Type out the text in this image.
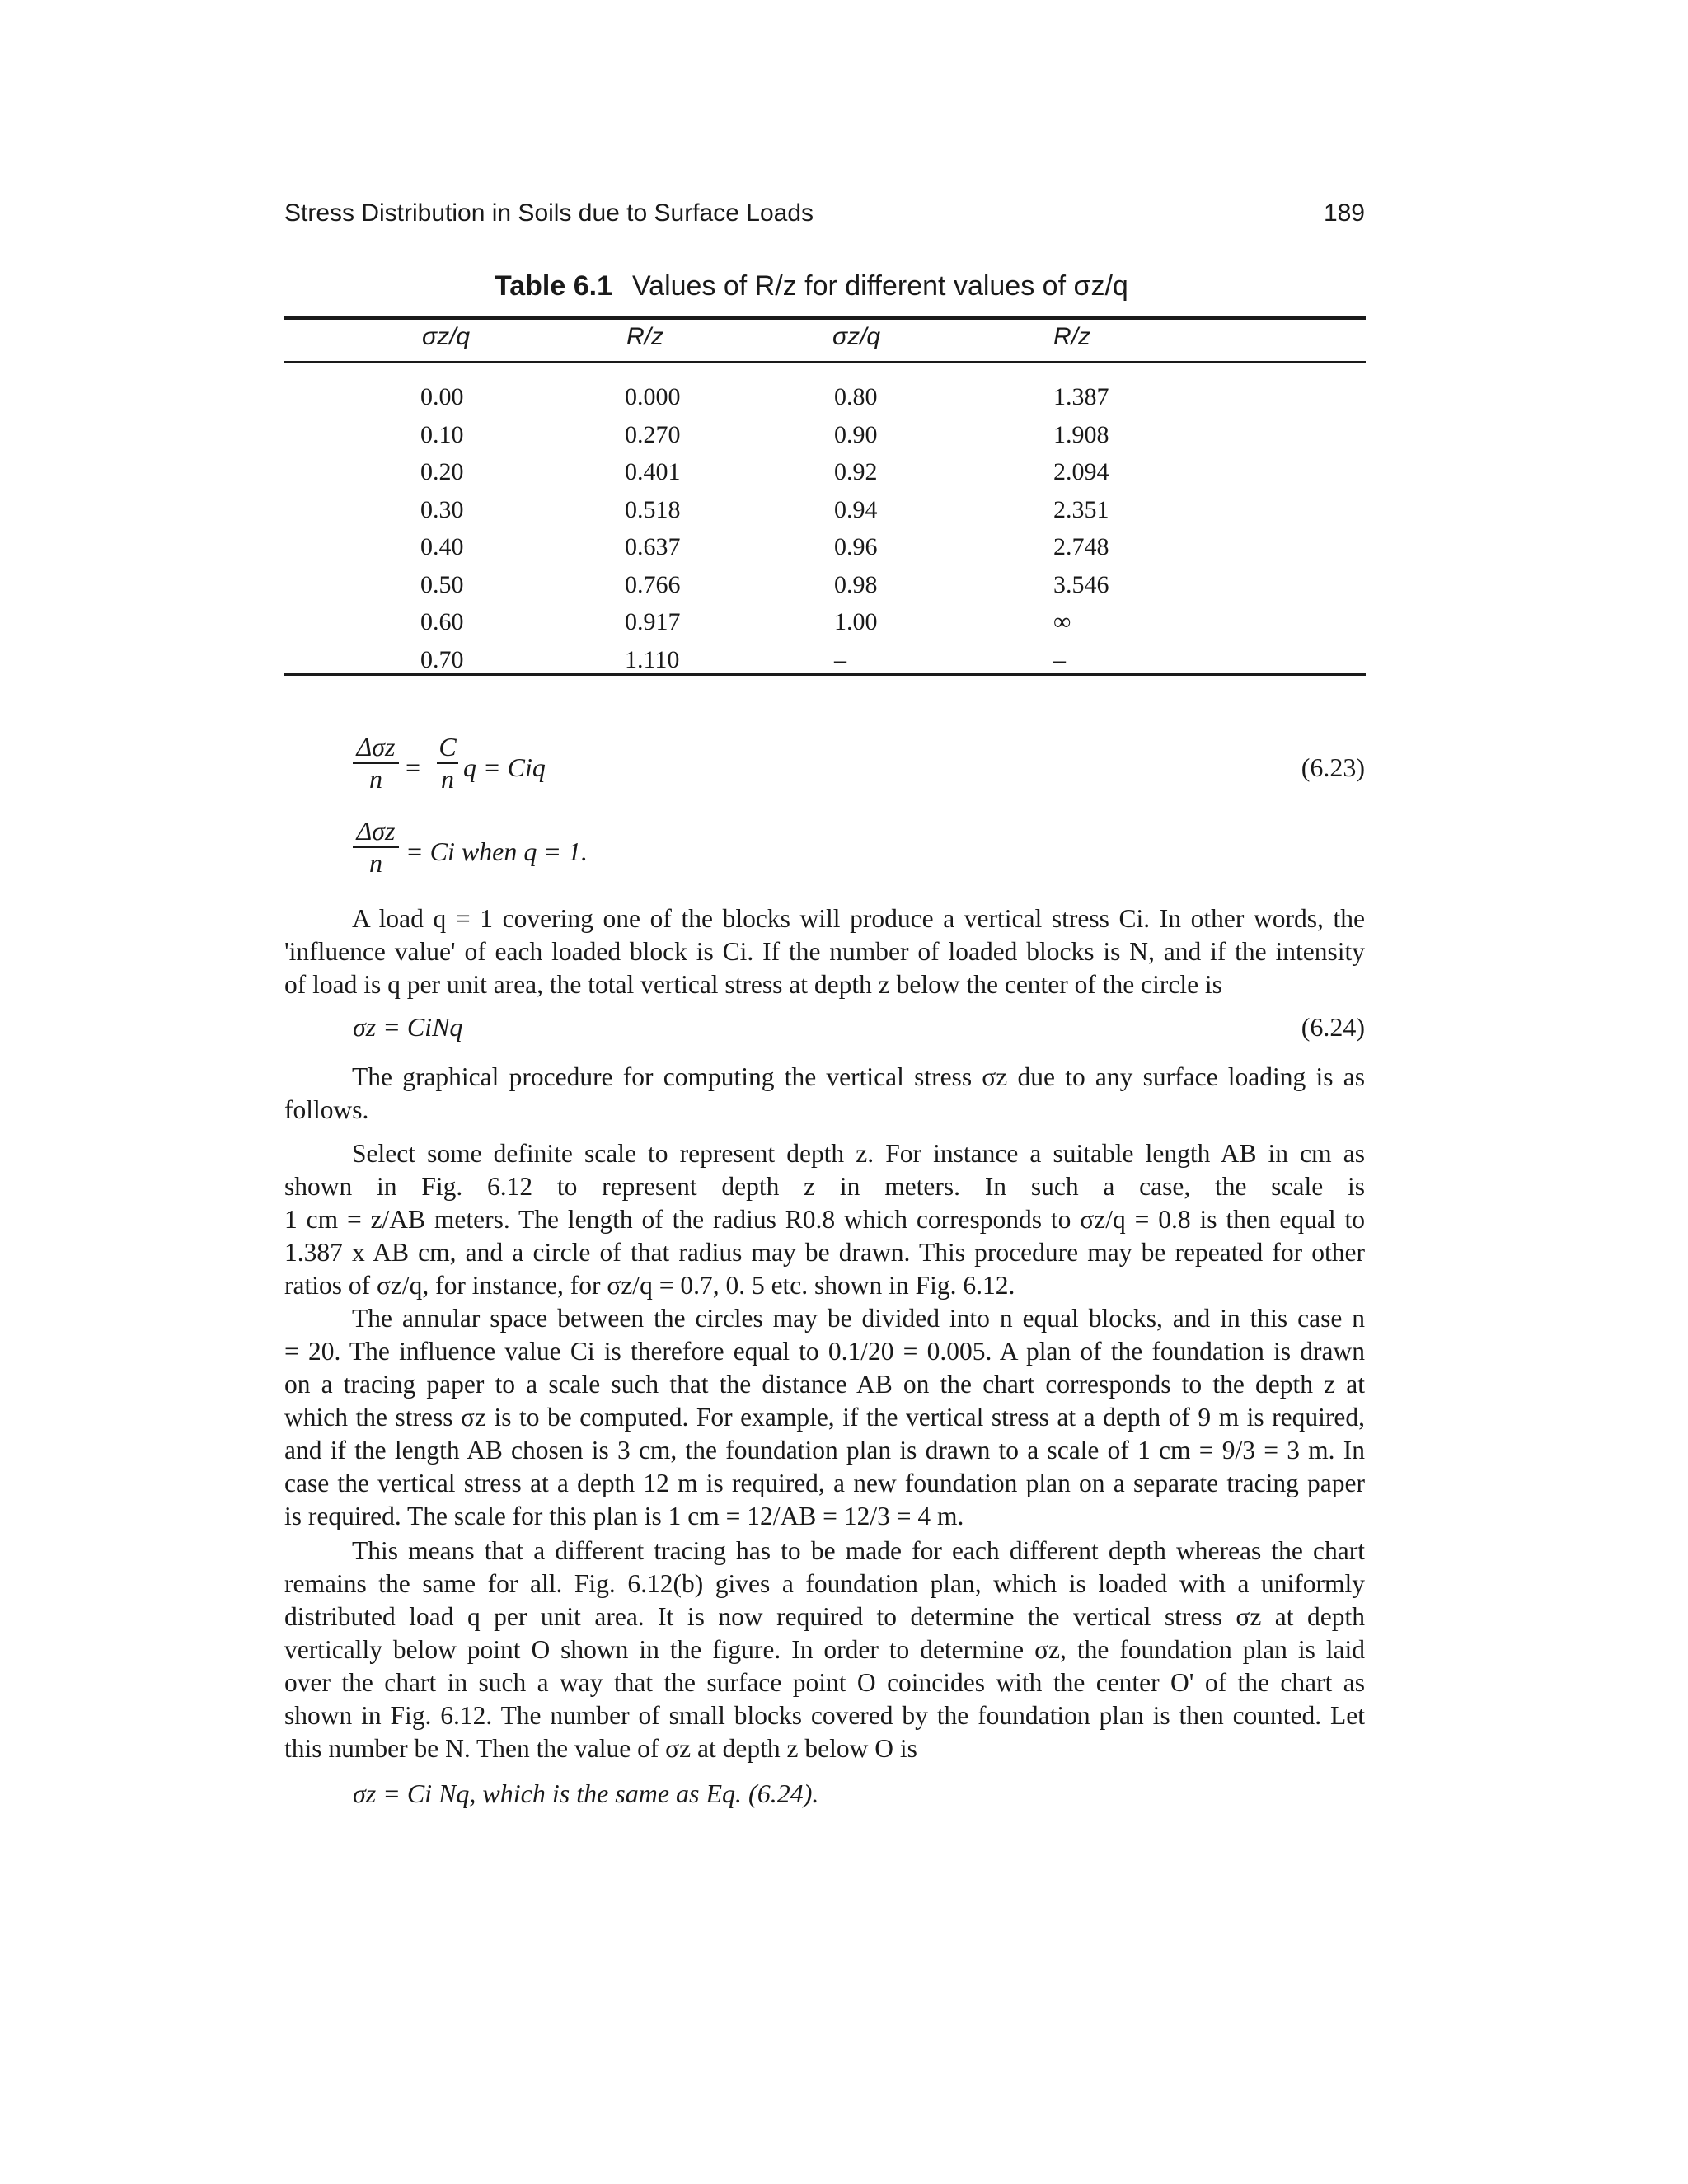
Stress Distribution in Soils due to Surface Loads	189
Table 6.1 Values of R/z for different values of σz/q
σz/q	R/z	σz/q	R/z
0.00	0.000	0.80	1.387
0.10	0.270	0.90	1.908
0.20	0.401	0.92	2.094
0.30	0.518	0.94	2.351
0.40	0.637	0.96	2.748
0.50	0.766	0.98	3.546
0.60	0.917	1.00	∞
0.70	1.110	–	–
Δσz
$n = \frac{C}{n}$ q = Ciq	(6.23)
Δσz
n = Ci when q = 1.
A load q = 1 covering one of the blocks will produce a vertical stress Ci. In other words, the
'influence value' of each loaded block is Ci. If the number of loaded blocks is N, and if the intensity
of load is q per unit area, the total vertical stress at depth z below the center of the circle is
σz = CiNq	(6.24)
The graphical procedure for computing the vertical stress σz due to any surface loading is as
follows.
Select some definite scale to represent depth z. For instance a suitable length AB in cm as
shown in Fig. 6.12 to represent depth z in meters. In such a case, the scale is
1 cm = z/AB meters. The length of the radius R0.8 which corresponds to σz/q = 0.8 is then equal to
1.387 x AB cm, and a circle of that radius may be drawn. This procedure may be repeated for other
ratios of σz/q, for instance, for σz/q = 0.7, 0. 5 etc. shown in Fig. 6.12.
The annular space between the circles may be divided into n equal blocks, and in this case n
= 20. The influence value Ci is therefore equal to 0.1/20 = 0.005. A plan of the foundation is drawn
on a tracing paper to a scale such that the distance AB on the chart corresponds to the depth z at
which the stress σz is to be computed. For example, if the vertical stress at a depth of 9 m is required,
and if the length AB chosen is 3 cm, the foundation plan is drawn to a scale of 1 cm = 9/3 = 3 m. In
case the vertical stress at a depth 12 m is required, a new foundation plan on a separate tracing paper
is required. The scale for this plan is 1 cm = 12/AB = 12/3 = 4 m.
This means that a different tracing has to be made for each different depth whereas the chart
remains the same for all. Fig. 6.12(b) gives a foundation plan, which is loaded with a uniformly
distributed load q per unit area. It is now required to determine the vertical stress σz at depth
vertically below point O shown in the figure. In order to determine σz, the foundation plan is laid
over the chart in such a way that the surface point O coincides with the center O' of the chart as
shown in Fig. 6.12. The number of small blocks covered by the foundation plan is then counted. Let
this number be N. Then the value of σz at depth z below O is
σz = Ci Nq, which is the same as Eq. (6.24).
